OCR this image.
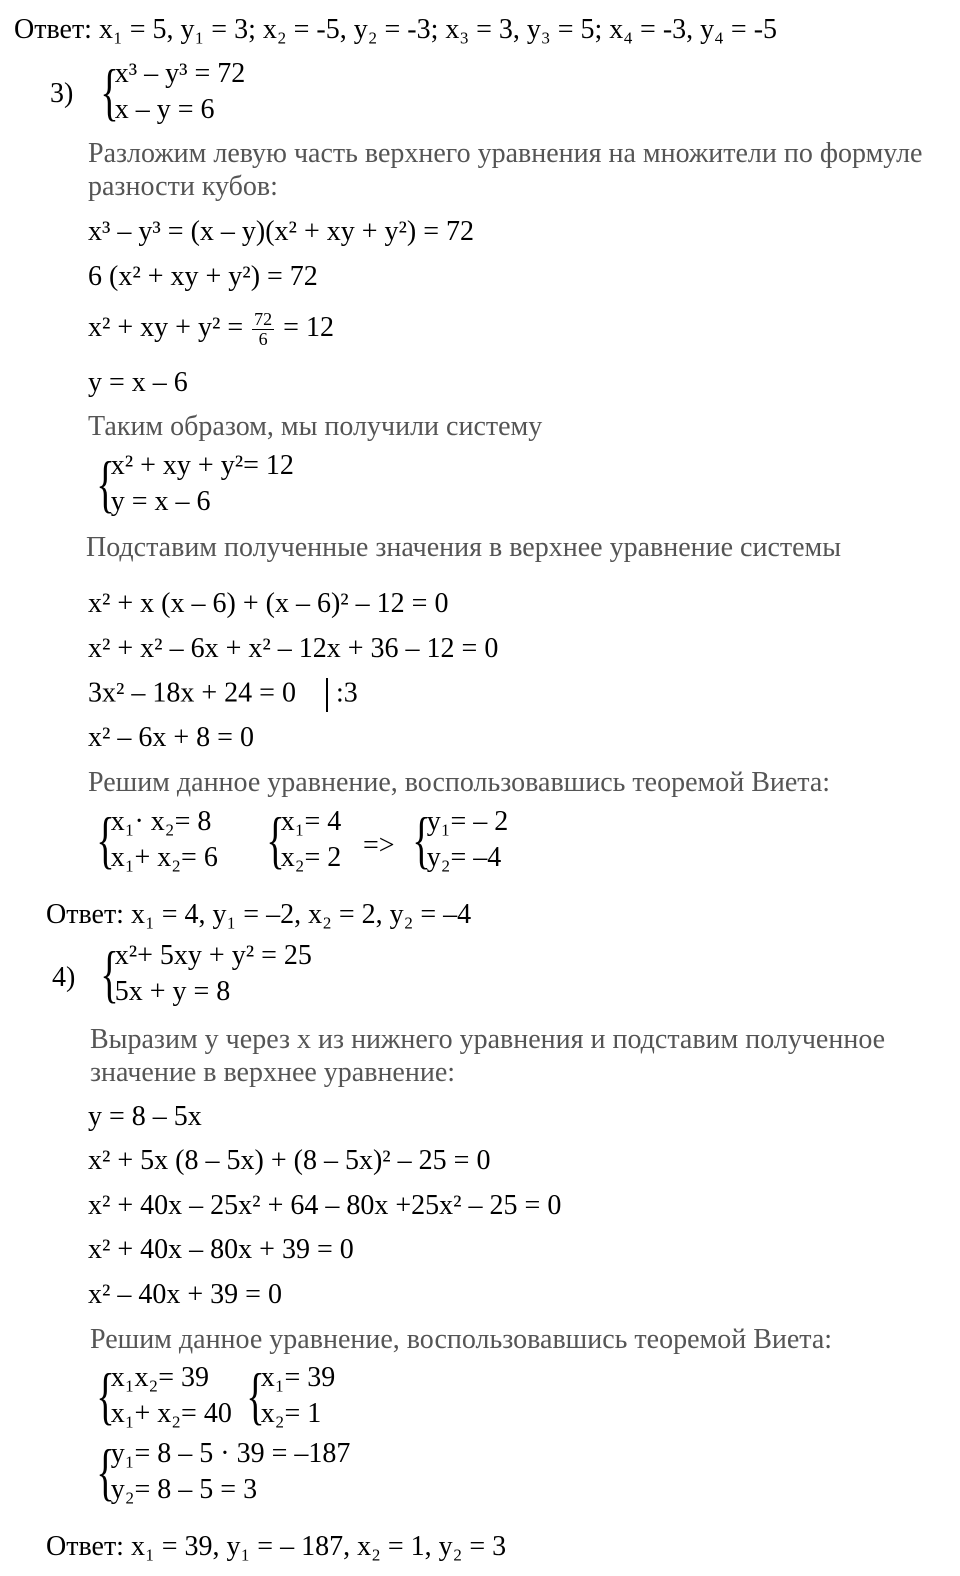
Ответ: x₁ = 5, y₁ = 3; x₂ = -5, y₂ = -3; x₃ = 3, y₃ = 5; x₄ = -3, y₄ = -5
3) {
x³ – y³ = 72
x – y = 6
Разложим левую часть верхнего уравнения на множители по формуле
разности кубов:
x³ – y³ = (x – y)(x² + xy + y²) = 72
6 (x² + xy + y²) = 72
x² + xy + $y^2 = \frac{72}{6} = 12$
y = x – 6
Таким образом, мы получили систему
{
x² + xy + y²= 12
y = x – 6
Подставим полученные значения в верхнее уравнение системы
x² + x (x – 6) + (x – 6)² – 12 = 0
x² + x² – 6x + x² – 12x + 36 – 12 = 0
3x² – 18x + 24 = 0 :3
x² – 6x + 8 = 0
Решим данное уравнение, воспользовавшись теоремой Виета:
{
x₁· x₂= 8
x₁+ x₂= 6 {
x₁= 4
x₂= 2 => {
y₁= – 2
y₂= –4
Ответ: x₁ = 4, y₁ = –2, x₂ = 2, y₂ = –4
4) {
x²+ 5xy + y² = 25
5x + y = 8
Выразим y через x из нижнего уравнения и подставим полученное
значение в верхнее уравнение:
y = 8 – 5x
x² + 5x (8 – 5x) + (8 – 5x)² – 25 = 0
x² + 40x – 25x² + 64 – 80x +25x² – 25 = 0
x² + 40x – 80x + 39 = 0
x² – 40x + 39 = 0
Решим данное уравнение, воспользовавшись теоремой Виета:
{
x₁x₂= 39
x₁+ x₂= 40 {
x₁= 39
x₂= 1
{
y₁= 8 – 5 · 39 = –187
y₂= 8 – 5 = 3
Ответ: x₁ = 39, y₁ = – 187, x₂ = 1, y₂ = 3
